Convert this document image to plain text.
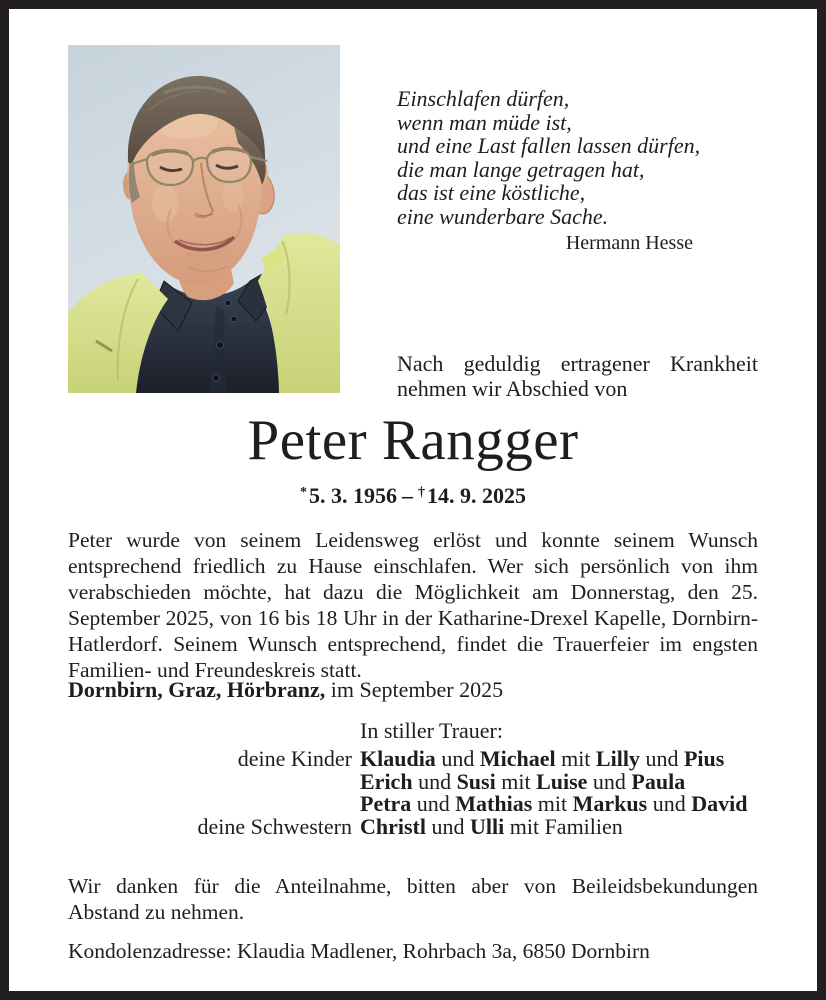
Einschlafen dürfen,
wenn man müde ist,
und eine Last fallen lassen dürfen,
die man lange getragen hat,
das ist eine köstliche,
eine wunderbare Sache.
Hermann Hesse
Nach geduldig ertragener Krankheit
nehmen wir Abschied von
Peter Rangger
*5. 3. 1956 – †14. 9. 2025
Peter wurde von seinem Leidensweg erlöst und konnte seinem Wunsch entsprechend friedlich zu Hause einschlafen. Wer sich persönlich von ihm verabschieden möchte, hat dazu die Möglichkeit am Donnerstag, den 25. September 2025, von 16 bis 18 Uhr in der Katharine-Drexel Kapelle, Dornbirn-Hatlerdorf. Seinem Wunsch entsprechend, findet die Trauerfeier im engsten Familien- und Freundeskreis statt.
Dornbirn, Graz, Hörbranz, im September 2025
In stiller Trauer:
deine Kinder Klaudia und Michael mit Lilly und Pius
Erich und Susi mit Luise und Paula
Petra und Mathias mit Markus und David
deine Schwestern Christl und Ulli mit Familien
Wir danken für die Anteilnahme, bitten aber von Beileidsbekundungen
Abstand zu nehmen.
Kondolenzadresse: Klaudia Madlener, Rohrbach 3a, 6850 Dornbirn
